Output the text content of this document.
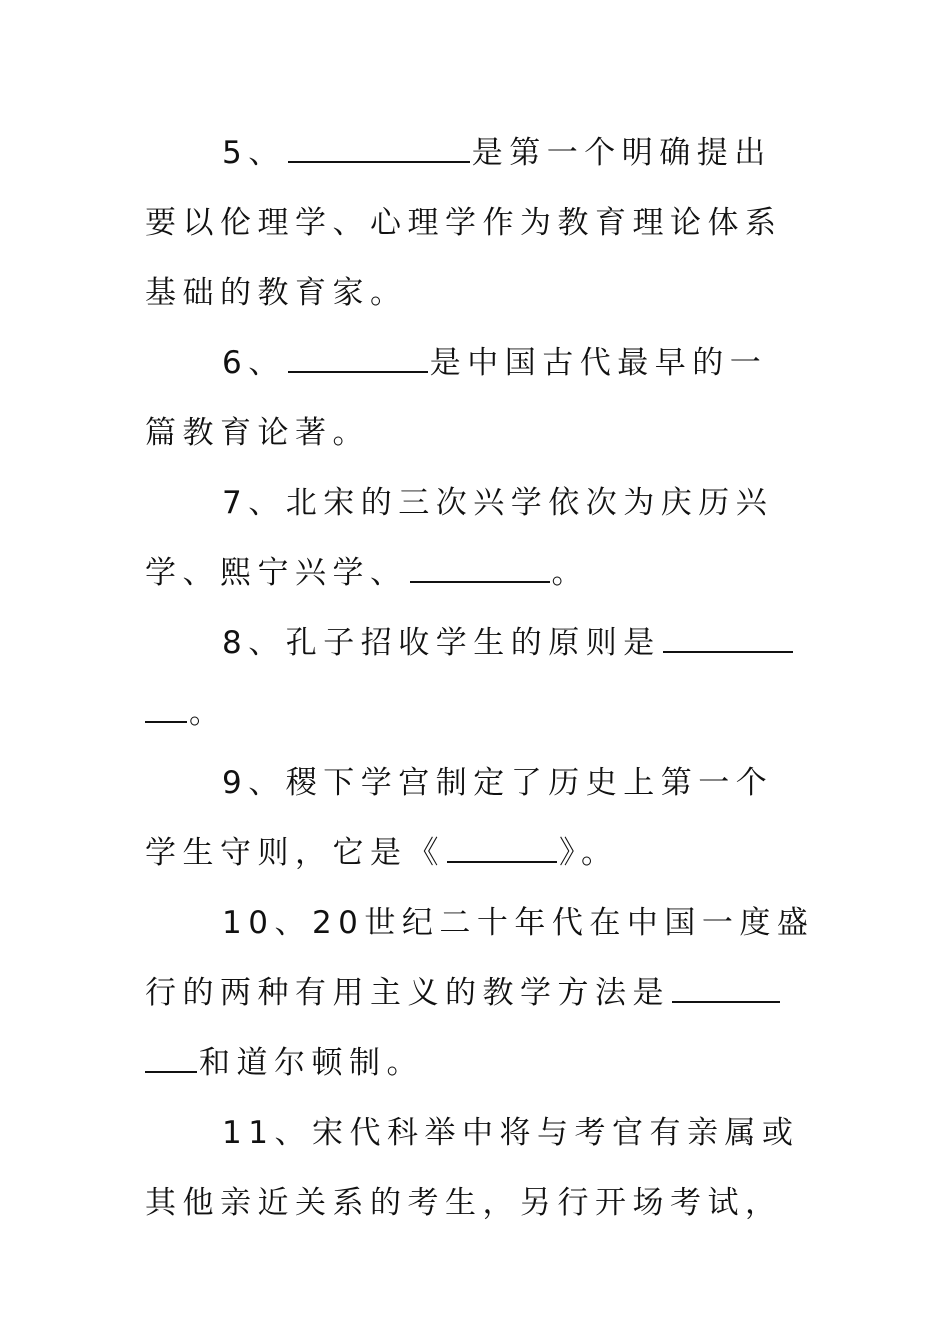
5、	是第一个明确提出
要以伦理学、心理学作为教育理论体系
基础的教育家。
6、	是中国古代最早的一
篇教育论著。
7、北宋的三次兴学依次为庆历兴
学、熙宁兴学、	。
8、孔子招收学生的原则是
。
9、稷下学宫制定了历史上第一个
学生守则，它是《	》。
10、20世纪二十年代在中国一度盛
行的两种有用主义的教学方法是
和道尔顿制。
11、宋代科举中将与考官有亲属或
其他亲近关系的考生，另行开场考试，
